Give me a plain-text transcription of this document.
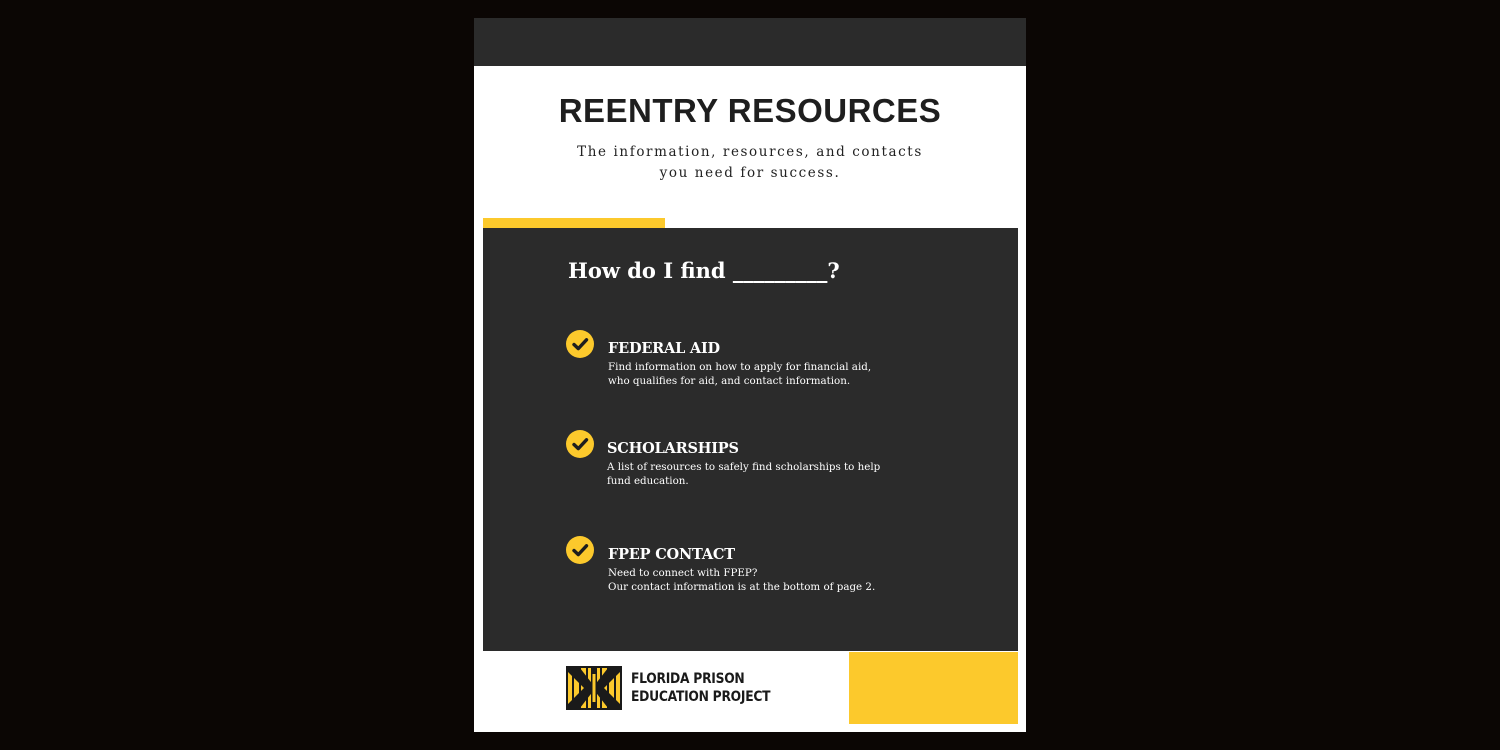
REENTRY RESOURCES
The information, resources, and contacts
you need for success.
How do I find _________?
FEDERAL AID
Find information on how to apply for financial aid,
who qualifies for aid, and contact information.
SCHOLARSHIPS
A list of resources to safely find scholarships to help
fund education.
FPEP CONTACT
Need to connect with FPEP?
Our contact information is at the bottom of page 2.
FLORIDA PRISON
EDUCATION PROJECT
